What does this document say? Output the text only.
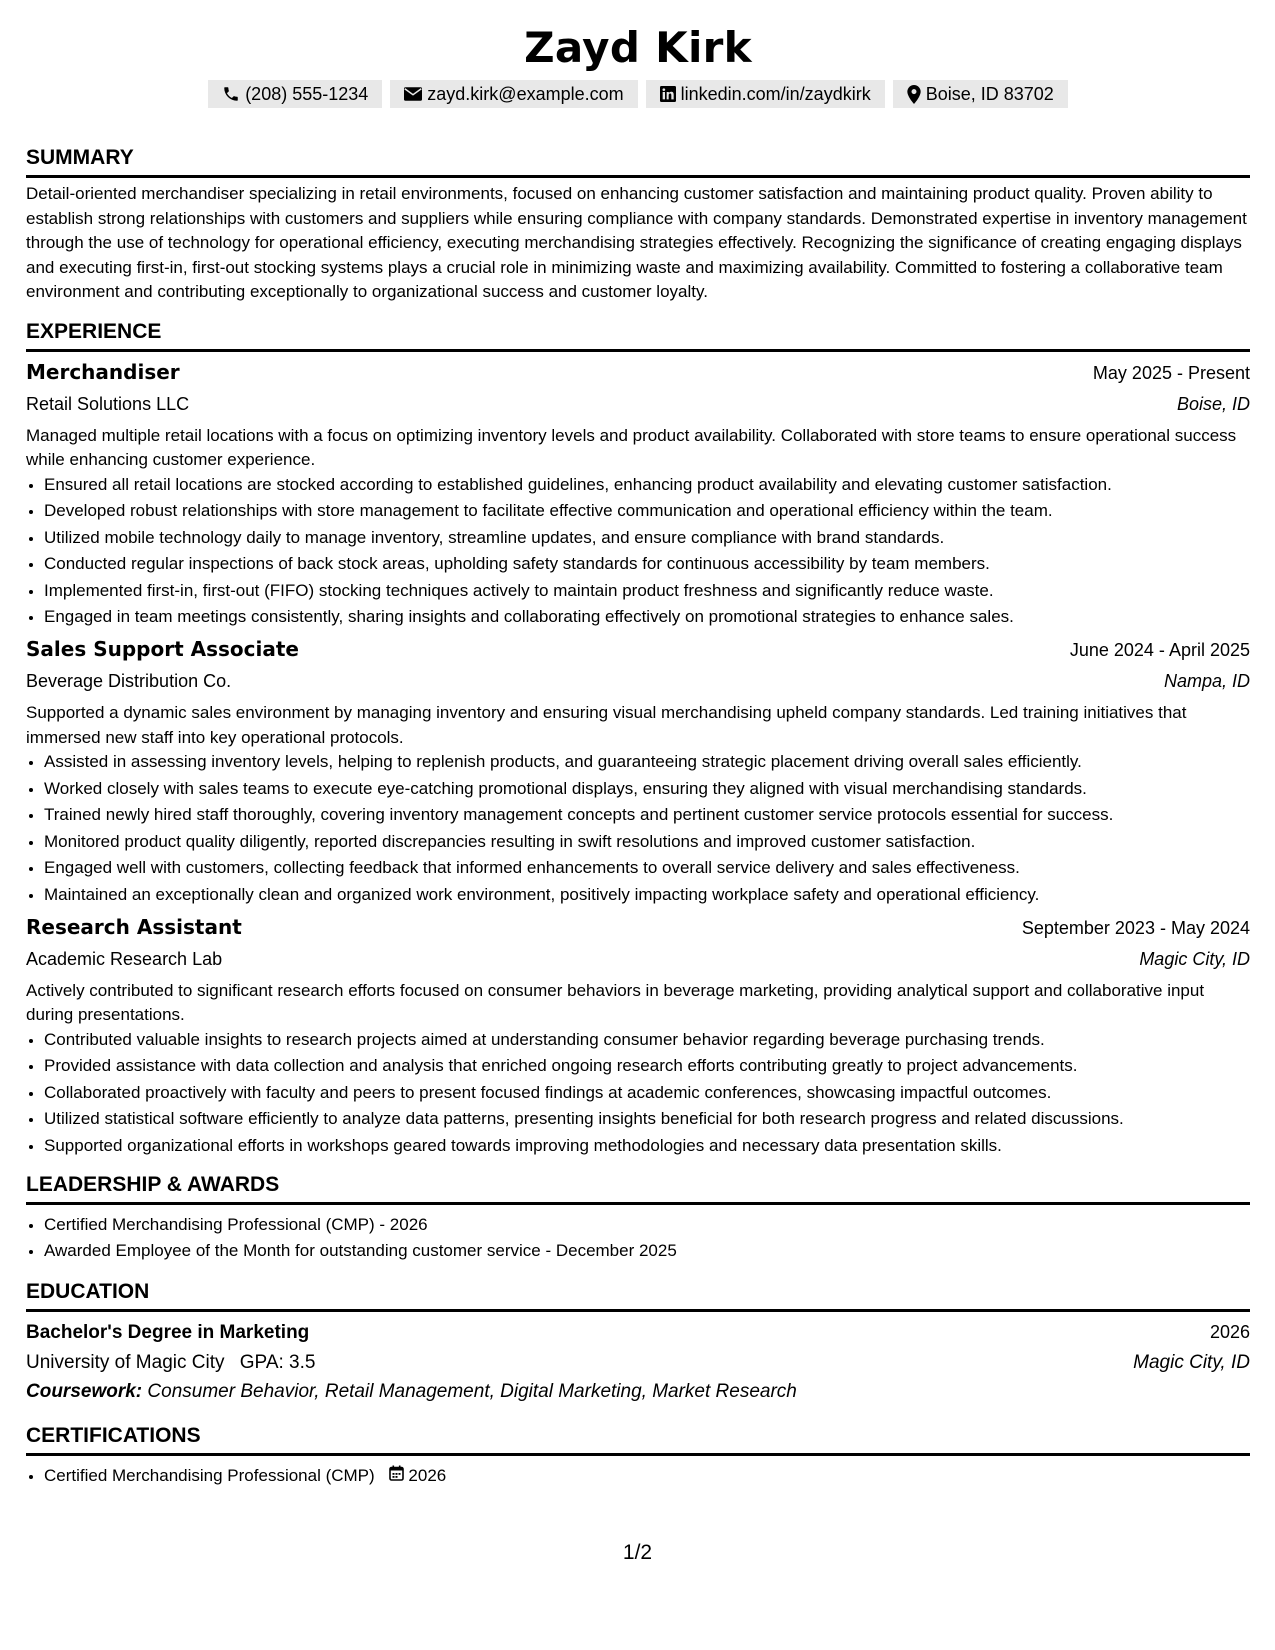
Zayd Kirk
(208) 555-1234	zayd.kirk@example.com	linkedin.com/in/zaydkirk	Boise, ID 83702
SUMMARY

Detail-oriented merchandiser specializing in retail environments, focused on enhancing customer satisfaction and maintaining product quality. Proven ability to establish strong relationships with customers and suppliers while ensuring compliance with company standards. Demonstrated expertise in inventory management through the use of technology for operational efficiency, executing merchandising strategies effectively. Recognizing the significance of creating engaging displays and executing first-in, first-out stocking systems plays a crucial role in minimizing waste and maximizing availability. Committed to fostering a collaborative team environment and contributing exceptionally to organizational success and customer loyalty.

EXPERIENCE
Merchandiser	May 2025 - Present
Retail Solutions LLC	Boise, ID

Managed multiple retail locations with a focus on optimizing inventory levels and product availability. Collaborated with store teams to ensure operational success while enhancing customer experience.

• Ensured all retail locations are stocked according to established guidelines, enhancing product availability and elevating customer satisfaction.
• Developed robust relationships with store management to facilitate effective communication and operational efficiency within the team.
• Utilized mobile technology daily to manage inventory, streamline updates, and ensure compliance with brand standards.
• Conducted regular inspections of back stock areas, upholding safety standards for continuous accessibility by team members.
• Implemented first-in, first-out (FIFO) stocking techniques actively to maintain product freshness and significantly reduce waste.
• Engaged in team meetings consistently, sharing insights and collaborating effectively on promotional strategies to enhance sales.
Sales Support Associate	June 2024 - April 2025
Beverage Distribution Co.	Nampa, ID

Supported a dynamic sales environment by managing inventory and ensuring visual merchandising upheld company standards. Led training initiatives that immersed new staff into key operational protocols.

• Assisted in assessing inventory levels, helping to replenish products, and guaranteeing strategic placement driving overall sales efficiently.
• Worked closely with sales teams to execute eye-catching promotional displays, ensuring they aligned with visual merchandising standards.
• Trained newly hired staff thoroughly, covering inventory management concepts and pertinent customer service protocols essential for success.
• Monitored product quality diligently, reported discrepancies resulting in swift resolutions and improved customer satisfaction.
• Engaged well with customers, collecting feedback that informed enhancements to overall service delivery and sales effectiveness.
• Maintained an exceptionally clean and organized work environment, positively impacting workplace safety and operational efficiency.
Research Assistant	September 2023 - May 2024
Academic Research Lab	Magic City, ID

Actively contributed to significant research efforts focused on consumer behaviors in beverage marketing, providing analytical support and collaborative input during presentations.

• Contributed valuable insights to research projects aimed at understanding consumer behavior regarding beverage purchasing trends.
• Provided assistance with data collection and analysis that enriched ongoing research efforts contributing greatly to project advancements.
• Collaborated proactively with faculty and peers to present focused findings at academic conferences, showcasing impactful outcomes.
• Utilized statistical software efficiently to analyze data patterns, presenting insights beneficial for both research progress and related discussions.
• Supported organizational efforts in workshops geared towards improving methodologies and necessary data presentation skills.
LEADERSHIP & AWARDS
• Certified Merchandising Professional (CMP) - 2026
• Awarded Employee of the Month for outstanding customer service - December 2025
EDUCATION
Bachelor's Degree in Marketing	2026
University of Magic City GPA: 3.5	Magic City, ID
Coursework: Consumer Behavior, Retail Management, Digital Marketing, Market Research
CERTIFICATIONS
• Certified Merchandising Professional (CMP) 2026
1/2
